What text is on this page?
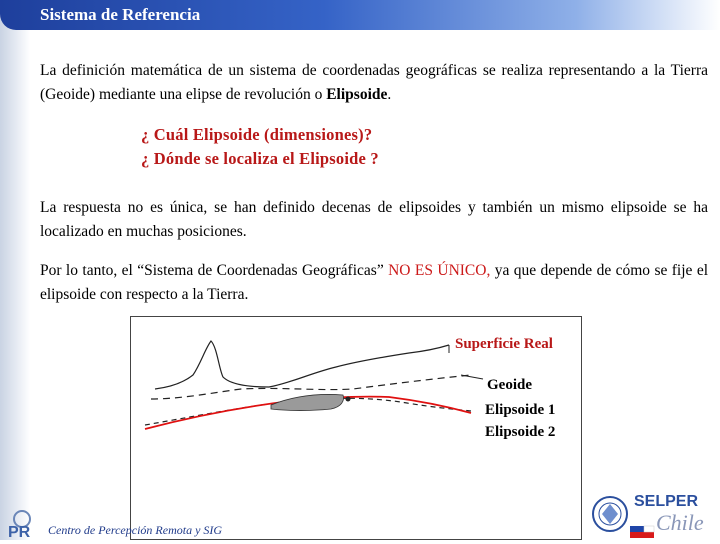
Sistema de Referencia
La definición matemática de un sistema de coordenadas geográficas se realiza representando a la Tierra (Geoide) mediante una elipse de revolución o Elipsoide.
¿ Cuál Elipsoide (dimensiones)?
¿ Dónde se localiza el Elipsoide ?
La respuesta no es única, se han definido decenas de elipsoides y también un mismo elipsoide se ha localizado en muchas posiciones.
Por lo tanto, el “Sistema de Coordenadas Geográficas” NO ES ÚNICO, ya que depende de cómo se fije el elipsoide con respecto a la Tierra.
Superficie Real
Geoide
Elipsoide 1
Elipsoide 2
PR Centro de Percepción Remota y SIG
SELPER
Chile
